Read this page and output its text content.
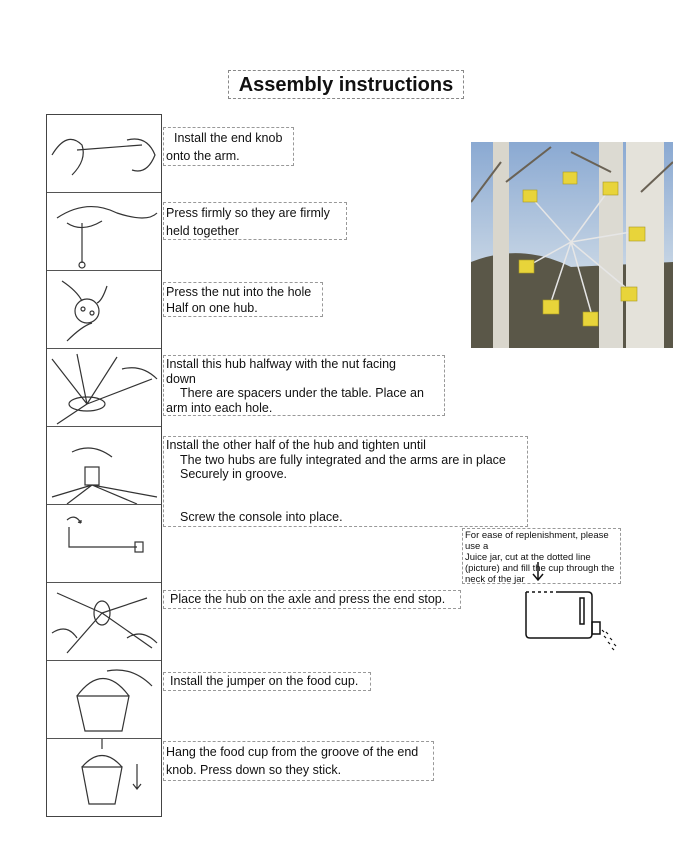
Assembly instructions
Install the end knob
onto the arm.
Press firmly so they are firmly
held together
Press the nut into the hole
Half on one hub.
Install this hub halfway with the nut facing
down
There are spacers under the table. Place an
arm into each hole.
Install the other half of the hub and tighten until
The two hubs are fully integrated and the arms are in place
Securely in groove.
Screw the console into place.
Place the hub on the axle and press the end stop.
Install the jumper on the food cup.
Hang the food cup from the groove of the end
knob. Press down so they stick.
For ease of replenishment, please
use a
Juice jar, cut at the dotted line
(picture) and fill the cup through the
neck of the jar
